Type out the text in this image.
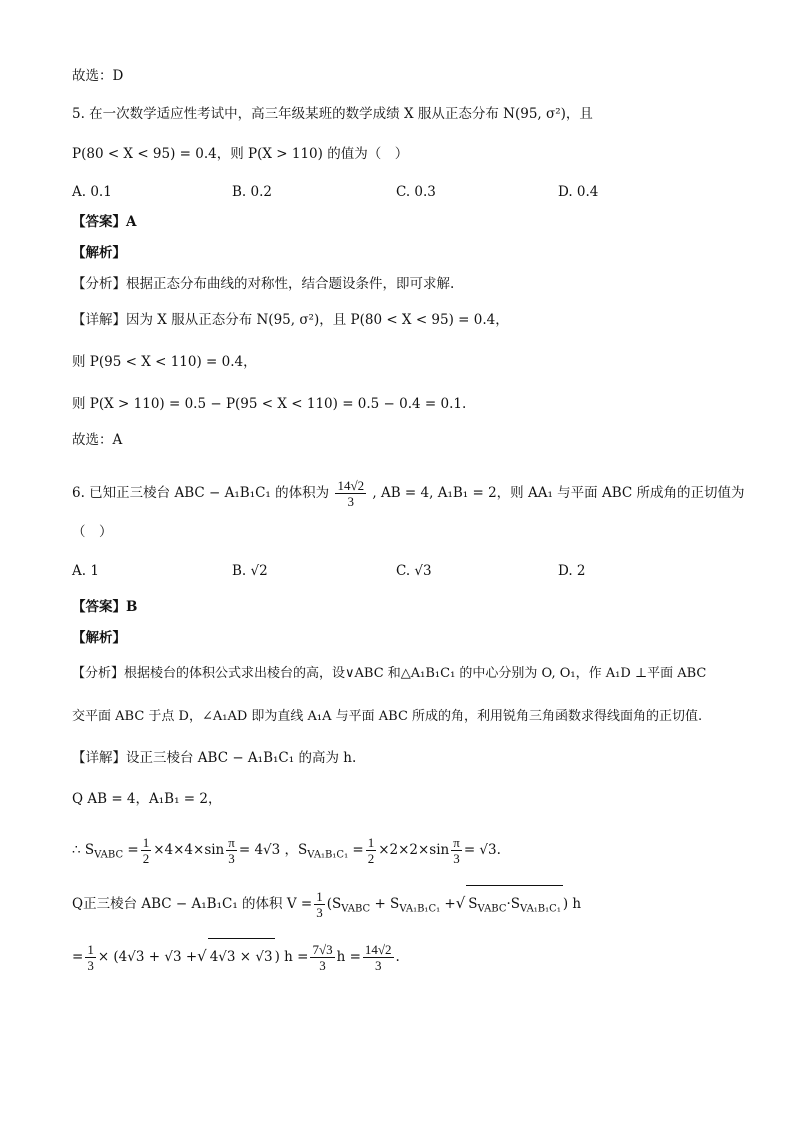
故选：D
5. 在一次数学适应性考试中，高三年级某班的数学成绩 X 服从正态分布 N(95, σ²)，且
P(80 < X < 95) = 0.4，则 P(X > 110) 的值为（　）
A. 0.1	B. 0.2	C. 0.3	D. 0.4
【答案】A
【解析】
【分析】根据正态分布曲线的对称性，结合题设条件，即可求解.
【详解】因为 X 服从正态分布 N(95, σ²)，且 P(80 < X < 95) = 0.4，
则 P(95 < X < 110) = 0.4，
则 P(X > 110) = 0.5 − P(95 < X < 110) = 0.5 − 0.4 = 0.1.
故选：A
6. 已知正三棱台 ABC − A₁B₁C₁ 的体积为 $\frac{14√2}{3}$ , AB = 4, A₁B₁ = 2，则 AA₁ 与平面 ABC 所成角的正切值为
（　）
A. 1	B. √2	C. √3	D. 2
【答案】B
【解析】
【分析】根据棱台的体积公式求出棱台的高，设∨ABC 和△A₁B₁C₁ 的中心分别为 O, O₁，作 A₁D ⊥平面 ABC
交平面 ABC 于点 D，∠A₁AD 即为直线 A₁A 与平面 ABC 所成的角，利用锐角三角函数求得线面角的正切值.
【详解】设正三棱台 ABC − A₁B₁C₁ 的高为 h.
Q AB = 4，A₁B₁ = 2，
∴ $S_{VABC} = \frac{1}{2} \times 4\times 4\times\sin \frac{\pi}{3} = 4√3$ ，$S_{VA_1B_1C_1} = \frac{1}{2} \times 2\times 2\times\sin \frac{\pi}{3} = √3$.
Q正三棱台 ABC − A₁B₁C₁ 的体积 $V = \frac{1}{3} (S_{VABC} + S_{VA_1B_1C_1}$ +√ $S_{VABC}\cdot S_{VA_1B_1C_1}$ ) h
= $\frac{1}{3} \times (4√3 + √3$ +√ 4√3 × √3 ) $h = \frac{7√3}{3}$ $h = \frac{14√2}{3}$ .
